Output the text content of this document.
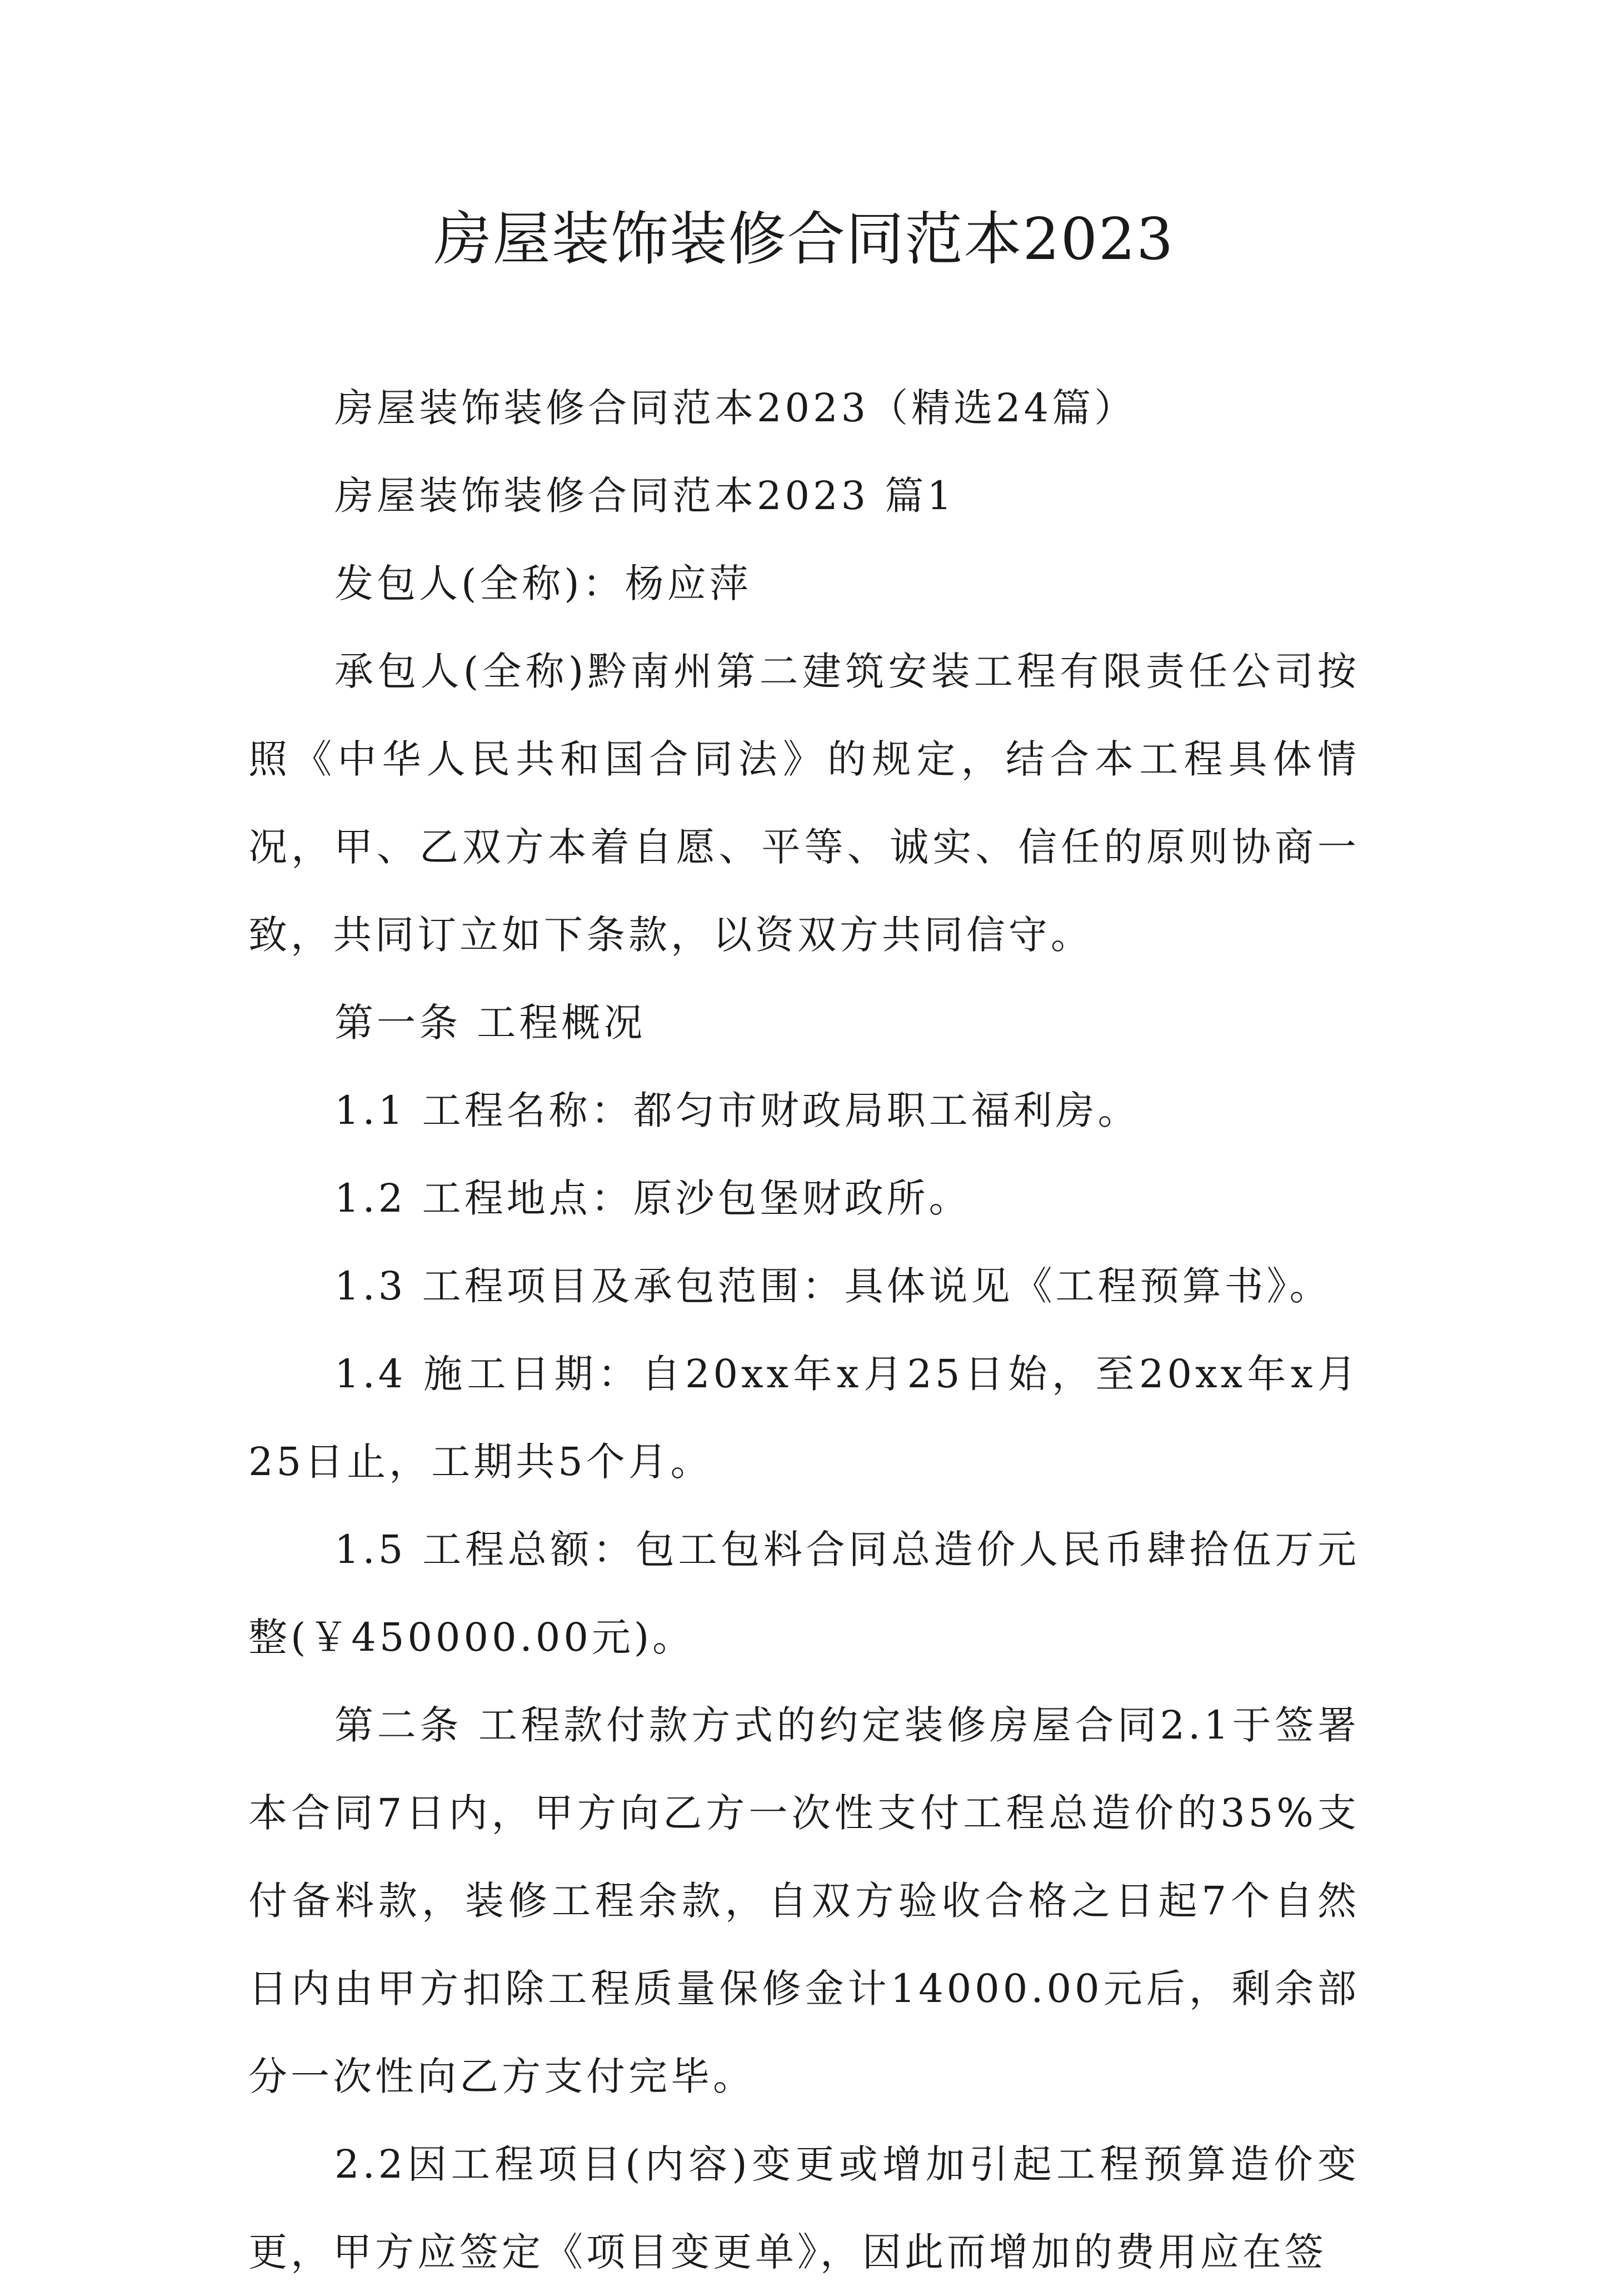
房屋装饰装修合同范本2023

房屋装饰装修合同范本2023（精选24篇）

房屋装饰装修合同范本2023 篇1

发包人(全称)：杨应萍

承包人(全称)黔南州第二建筑安装工程有限责任公司按照《中华人民共和国合同法》的规定，结合本工程具体情况，甲、乙双方本着自愿、平等、诚实、信任的原则协商一致，共同订立如下条款，以资双方共同信守。

第一条 工程概况

1.1 工程名称：都匀市财政局职工福利房。

1.2 工程地点：原沙包堡财政所。

1.3 工程项目及承包范围：具体说见《工程预算书》。

1.4 施工日期：自20xx年x月25日始，至20xx年x月25日止，工期共5个月。

1.5 工程总额：包工包料合同总造价人民币肆拾伍万元整(￥450000.00元)。

第二条 工程款付款方式的约定装修房屋合同2.1于签署本合同7日内，甲方向乙方一次性支付工程总造价的35%支付备料款，装修工程余款，自双方验收合格之日起7个自然日内由甲方扣除工程质量保修金计14000.00元后，剩余部分一次性向乙方支付完毕。

2.2因工程项目(内容)变更或增加引起工程预算造价变更，甲方应签定《项目变更单》，因此而增加的费用应在签
